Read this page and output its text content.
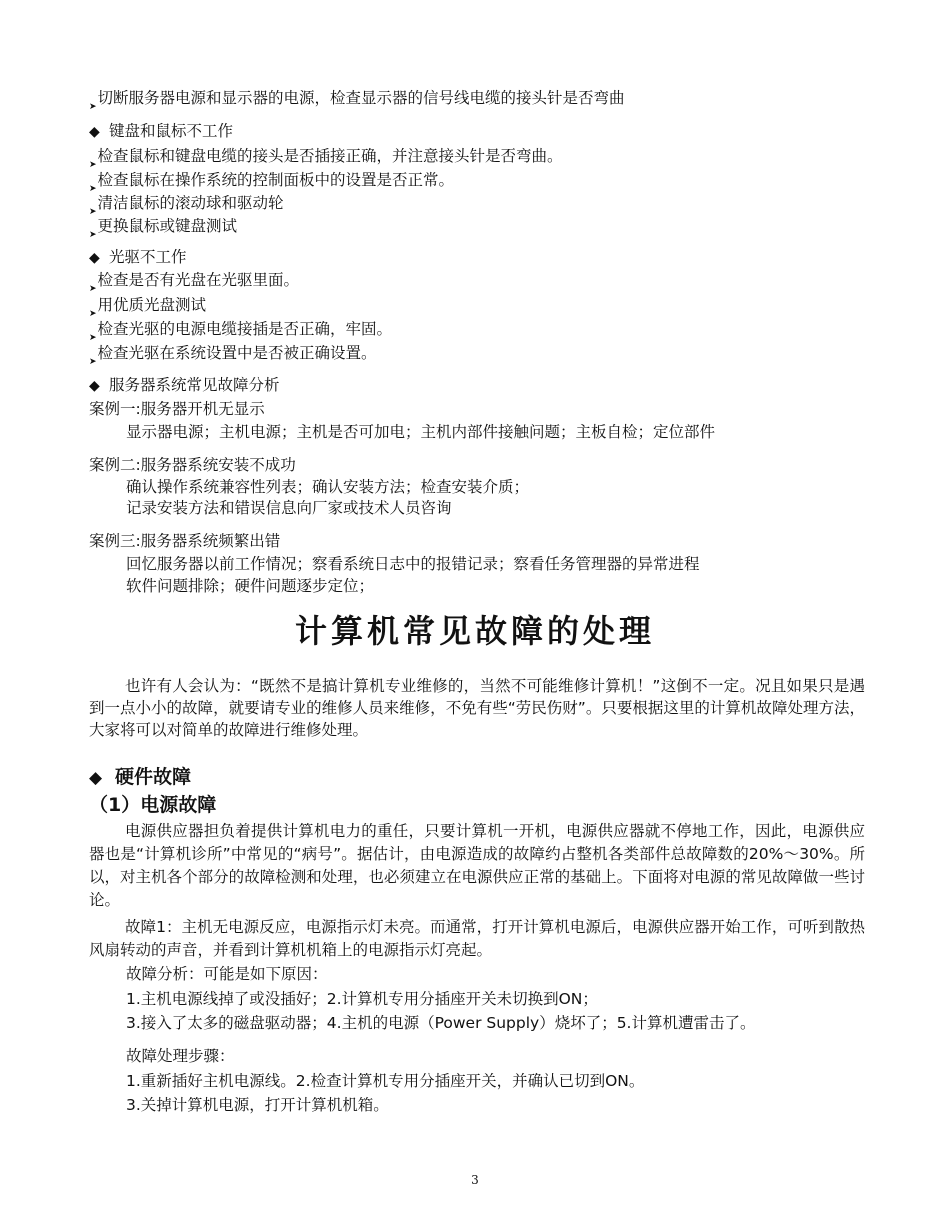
➤切断服务器电源和显示器的电源，检查显示器的信号线电缆的接头针是否弯曲
◆ 键盘和鼠标不工作
➤检查鼠标和键盘电缆的接头是否插接正确，并注意接头针是否弯曲。
➤检查鼠标在操作系统的控制面板中的设置是否正常。
➤清洁鼠标的滚动球和驱动轮
➤更换鼠标或键盘测试
◆ 光驱不工作
➤检查是否有光盘在光驱里面。
➤用优质光盘测试
➤检查光驱的电源电缆接插是否正确，牢固。
➤检查光驱在系统设置中是否被正确设置。
◆ 服务器系统常见故障分析
案例一:服务器开机无显示
显示器电源；主机电源；主机是否可加电；主机内部件接触问题；主板自检；定位部件
案例二:服务器系统安装不成功
确认操作系统兼容性列表；确认安装方法；检查安装介质；
记录安装方法和错误信息向厂家或技术人员咨询
案例三:服务器系统频繁出错
回忆服务器以前工作情况；察看系统日志中的报错记录；察看任务管理器的异常进程
软件问题排除；硬件问题逐步定位；
计算机常见故障的处理
也许有人会认为：“既然不是搞计算机专业维修的，当然不可能维修计算机！”这倒不一定。况且如果只是遇到一点小小的故障，就要请专业的维修人员来维修，不免有些“劳民伤财”。只要根据这里的计算机故障处理方法，大家将可以对简单的故障进行维修处理。
◆ 硬件故障
（1）电源故障
电源供应器担负着提供计算机电力的重任，只要计算机一开机，电源供应器就不停地工作，因此，电源供应器也是“计算机诊所”中常见的“病号”。据估计，由电源造成的故障约占整机各类部件总故障数的20%～30%。所以，对主机各个部分的故障检测和处理，也必须建立在电源供应正常的基础上。下面将对电源的常见故障做一些讨论。
故障1：主机无电源反应，电源指示灯未亮。而通常，打开计算机电源后，电源供应器开始工作，可听到散热风扇转动的声音，并看到计算机机箱上的电源指示灯亮起。
故障分析：可能是如下原因：
1.主机电源线掉了或没插好；2.计算机专用分插座开关未切换到ON；
3.接入了太多的磁盘驱动器；4.主机的电源（Power Supply）烧坏了；5.计算机遭雷击了。
故障处理步骤：
1.重新插好主机电源线。2.检查计算机专用分插座开关，并确认已切到ON。
3.关掉计算机电源，打开计算机机箱。
3
